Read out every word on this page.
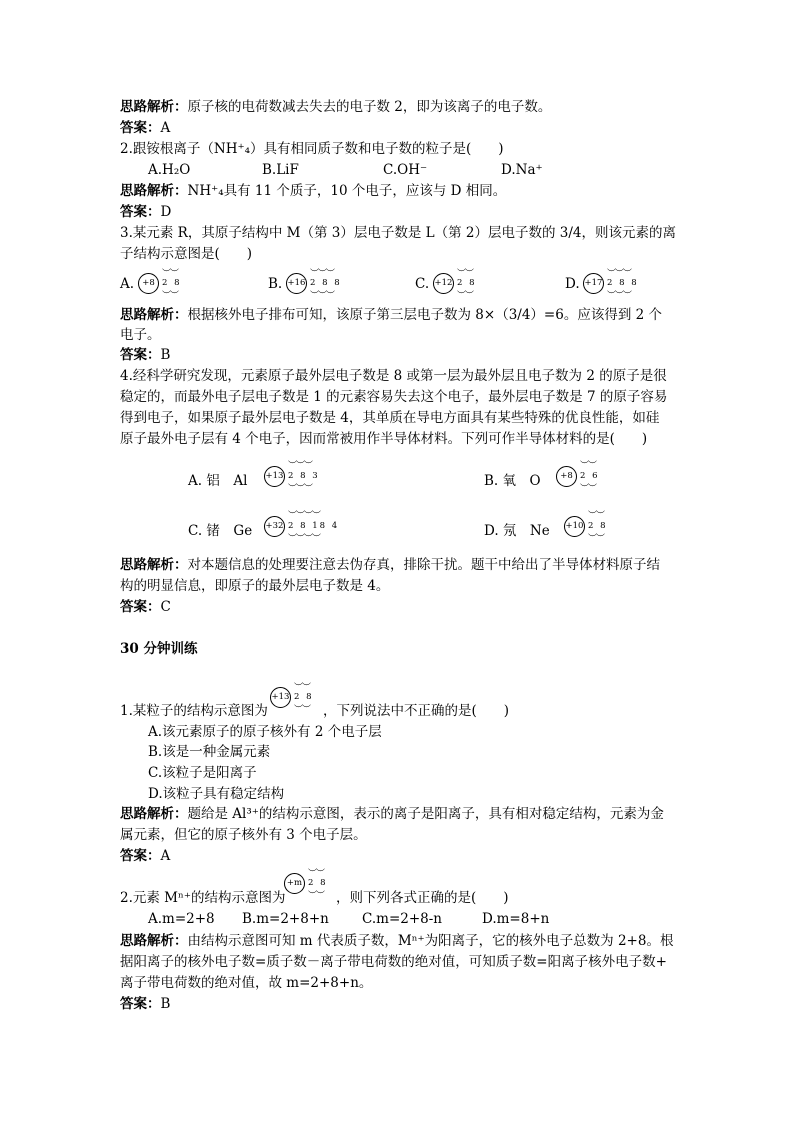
思路解析：原子核的电荷数减去失去的电子数 2，即为该离子的电子数。
答案：A
2.跟铵根离子（NH⁺₄）具有相同质子数和电子数的粒子是(　　)
A.H₂O	B.LiF	C.OH⁻	D.Na⁺
思路解析：NH⁺₄具有 11 个质子，10 个电子，应该与 D 相同。
答案：D
3.某元素 R，其原子结构中 M（第 3）层电子数是 L（第 2）层电子数的 3/4，则该元素的离
子结构示意图是(　　)
A. +8
︶︶
2 8
︶︶
B. +16
︶︶︶
2 8 8
︶︶︶
C. +12
︶︶
2 8
︶︶
D. +17
︶︶︶
2 8 8
︶︶︶
思路解析：根据核外电子排布可知，该原子第三层电子数为 8×（3/4）=6。应该得到 2 个
电子。
答案：B
4.经科学研究发现，元素原子最外层电子数是 8 或第一层为最外层且电子数为 2 的原子是很
稳定的，而最外电子层电子数是 1 的元素容易失去这个电子，最外层电子数是 7 的原子容易
得到电子，如果原子最外层电子数是 4，其单质在导电方面具有某些特殊的优良性能，如硅
原子最外电子层有 4 个电子，因而常被用作半导体材料。下列可作半导体材料的是(　　)
A. 铝　Al +13
︶︶︶
2 8 3
︶︶︶	B. 氧　O	+8
︶︶
2 6
︶︶
C. 锗　Ge +32
︶︶︶︶
2 8 18 4
︶︶︶︶	D. 氖　Ne +10
︶︶
2 8
︶︶
思路解析：对本题信息的处理要注意去伪存真，排除干扰。题干中给出了半导体材料原子结
构的明显信息，即原子的最外层电子数是 4。
答案：C
30 分钟训练
1.某粒子的结构示意图为
+13
︶︶
2 8
︶︶ ，下列说法中不正确的是(　　)
A.该元素原子的原子核外有 2 个电子层
B.该是一种金属元素
C.该粒子是阳离子
D.该粒子具有稳定结构
思路解析：题给是 Al³⁺的结构示意图，表示的离子是阳离子，具有相对稳定结构，元素为金
属元素，但它的原子核外有 3 个电子层。
答案：A
2.元素 Mⁿ⁺的结构示意图为
+m
︶︶
2 8
︶︶ ，则下列各式正确的是(　　)
A.m=2+8 B.m=2+8+n C.m=2+8-n	D.m=8+n
思路解析：由结构示意图可知 m 代表质子数，Mⁿ⁺为阳离子，它的核外电子总数为 2+8。根
据阳离子的核外电子数=质子数－离子带电荷数的绝对值，可知质子数=阳离子核外电子数+
离子带电荷数的绝对值，故 m=2+8+n。
答案：B
